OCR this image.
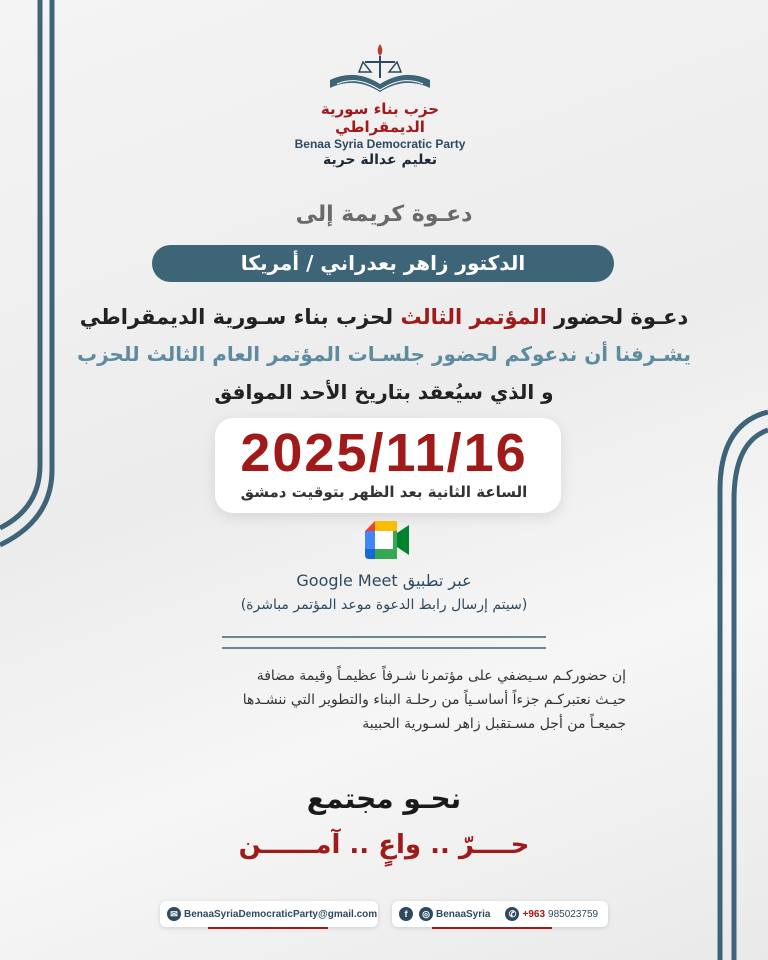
حزب بناء سورية الديمقراطي
Benaa Syria Democratic Party
تعليم عدالة حرية
دعـوة كريمة إلى
الدكتور زاهر بعدراني / أمريكا
دعـوة لحضور المؤتمر الثالث لحزب بناء سـورية الديمقراطي
يشـرفنا أن ندعوكم لحضور جلسـات المؤتمر العام الثالث للحزب
و الذي سيُعقد بتاريخ الأحد الموافق
2025/11/16
الساعة الثانية بعد الظهر بتوقيت دمشق
عبر تطبيق Google Meet
(سيتم إرسال رابط الدعوة موعد المؤتمر مباشرة)
إن حضوركـم سـيضفي على مؤتمرنا شـرفاً عظيمـاً وقيمة مضافة
حيـث نعتبركـم جزءاً أساسـياً من رحلـة البناء والتطوير التي ننشـدها
جميعـاً من أجل مسـتقبل زاهر لسـورية الحبيبة
نحـو مجتمع
حــــرّ .. واعٍ .. آمــــــن
✉ BenaaSyriaDemocraticParty@gmail.com	f	◎ BenaaSyria	✆ +963 985023759
